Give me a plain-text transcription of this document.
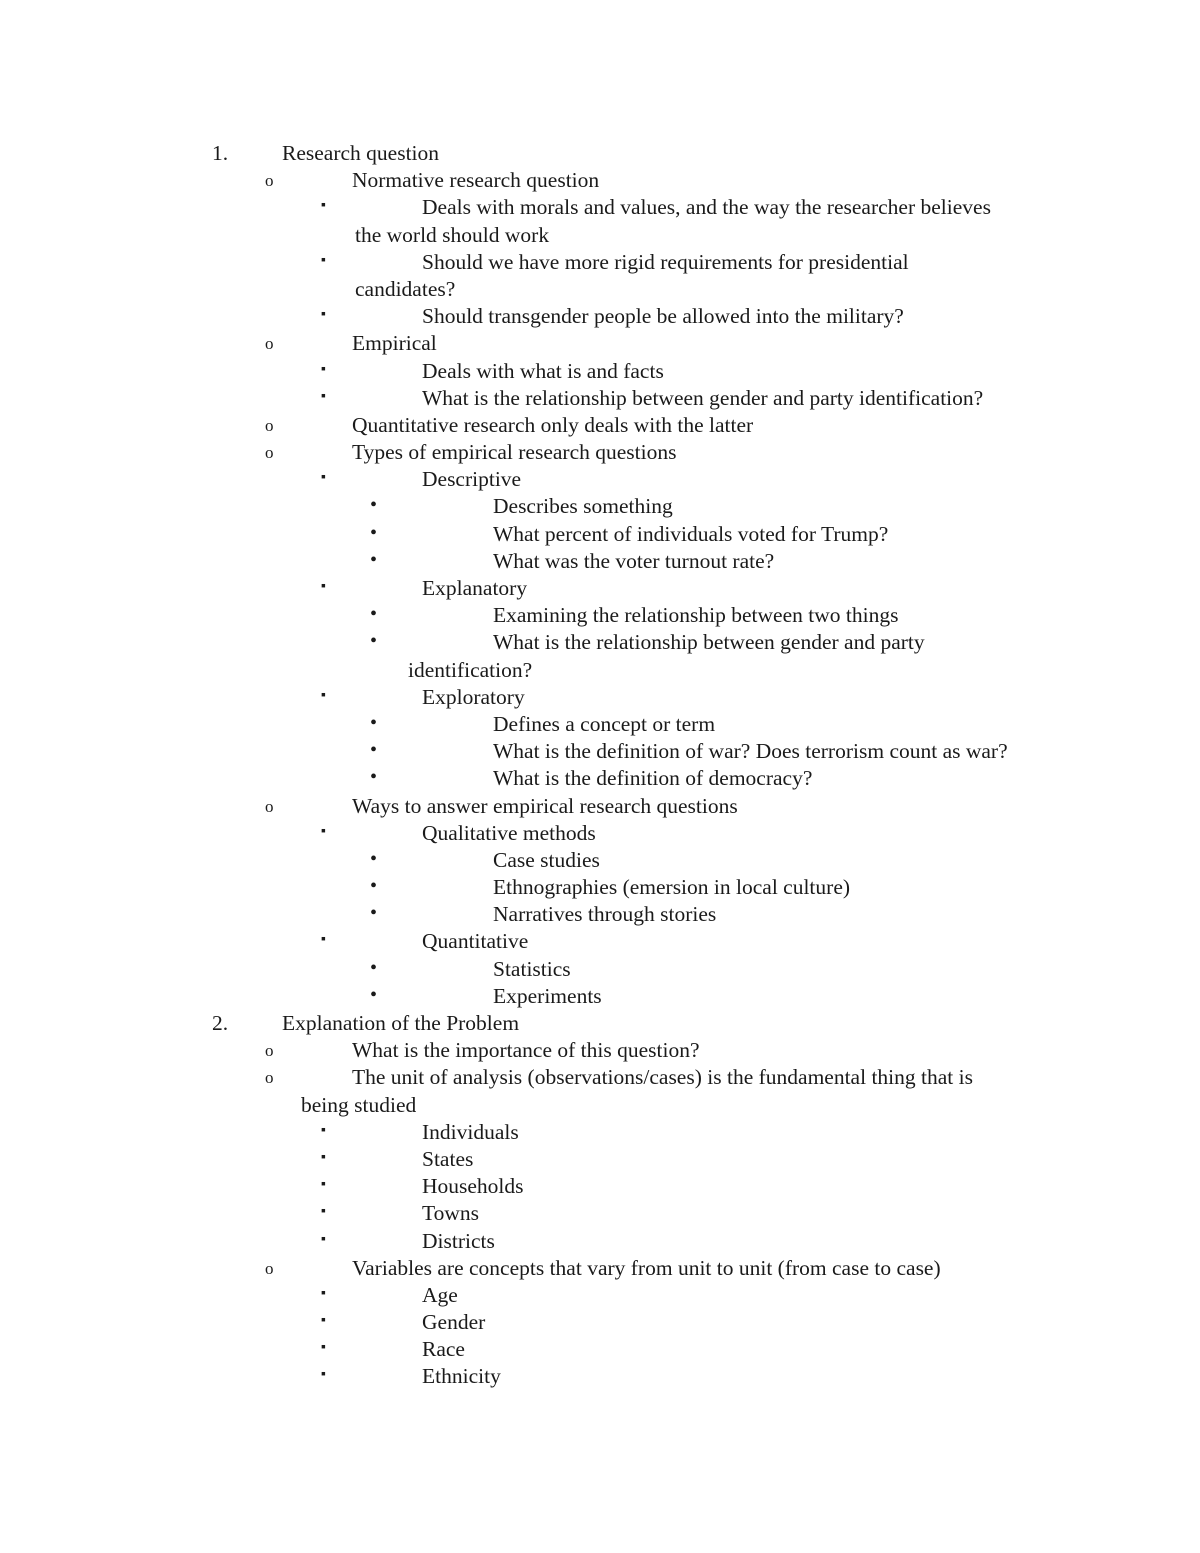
1.	Research question
o	Normative research question
▪	Deals with morals and values, and the way the researcher believes
the world should work
▪	Should we have more rigid requirements for presidential
candidates?
▪	Should transgender people be allowed into the military?
o	Empirical
▪	Deals with what is and facts
▪	What is the relationship between gender and party identification?
o	Quantitative research only deals with the latter
o	Types of empirical research questions
▪	Descriptive
•	Describes something
•	What percent of individuals voted for Trump?
•	What was the voter turnout rate?
▪	Explanatory
•	Examining the relationship between two things
•	What is the relationship between gender and party
identification?
▪	Exploratory
•	Defines a concept or term
•	What is the definition of war? Does terrorism count as war?
•	What is the definition of democracy?
o	Ways to answer empirical research questions
▪	Qualitative methods
•	Case studies
•	Ethnographies (emersion in local culture)
•	Narratives through stories
▪	Quantitative
•	Statistics
•	Experiments
2.	Explanation of the Problem
o	What is the importance of this question?
o	The unit of analysis (observations/cases) is the fundamental thing that is
being studied
▪	Individuals
▪	States
▪	Households
▪	Towns
▪	Districts
o	Variables are concepts that vary from unit to unit (from case to case)
▪	Age
▪	Gender
▪	Race
▪	Ethnicity
